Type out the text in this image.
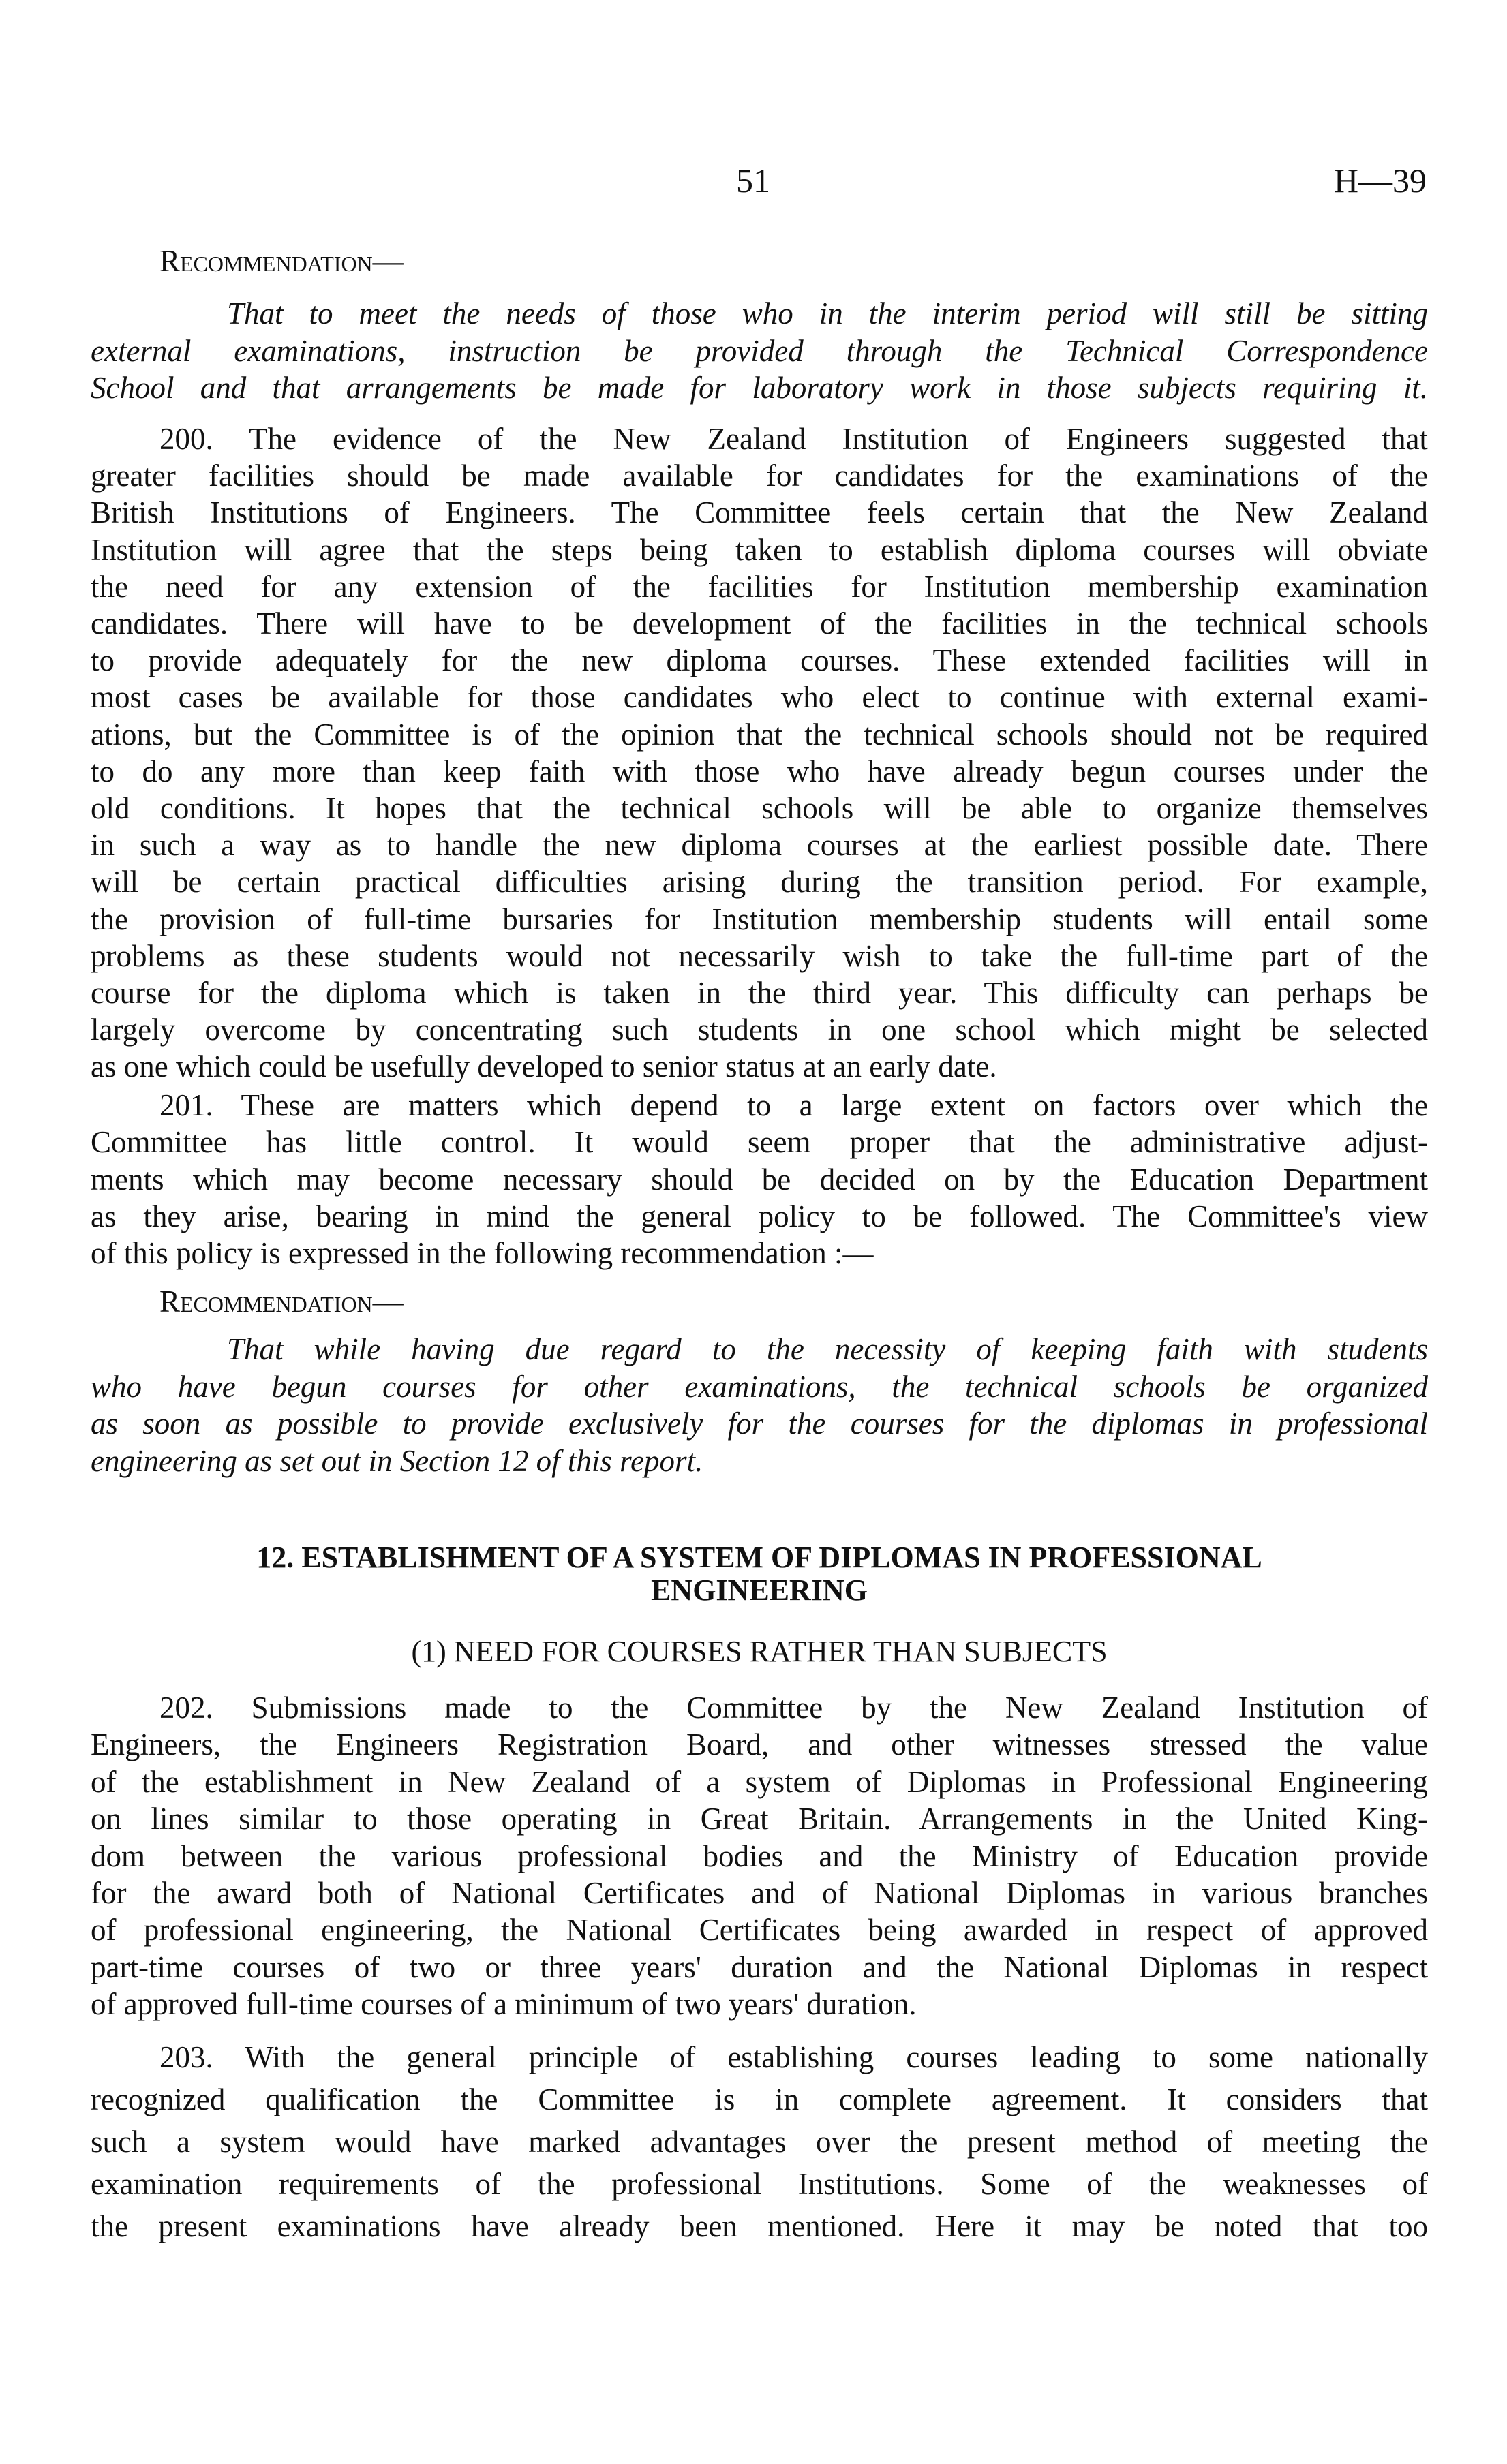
51	H—39
Recommendation—
Recommendation—
12. ESTABLISHMENT OF A SYSTEM OF DIPLOMAS IN PROFESSIONAL
ENGINEERING
(1) NEED FOR COURSES RATHER THAN SUBJECTS
That to meet the needs of those who in the interim period will still be sitting
external examinations, instruction be provided through the Technical Correspondence
School and that arrangements be made for laboratory work in those subjects requiring it.
200. The evidence of the New Zealand Institution of Engineers suggested that
greater facilities should be made available for candidates for the examinations of the
British Institutions of Engineers. The Committee feels certain that the New Zealand
Institution will agree that the steps being taken to establish diploma courses will obviate
the need for any extension of the facilities for Institution membership examination
candidates. There will have to be development of the facilities in the technical schools
to provide adequately for the new diploma courses. These extended facilities will in
most cases be available for those candidates who elect to continue with external exami-
ations, but the Committee is of the opinion that the technical schools should not be required
to do any more than keep faith with those who have already begun courses under the
old conditions. It hopes that the technical schools will be able to organize themselves
in such a way as to handle the new diploma courses at the earliest possible date. There
will be certain practical difficulties arising during the transition period. For example,
the provision of full-time bursaries for Institution membership students will entail some
problems as these students would not necessarily wish to take the full-time part of the
course for the diploma which is taken in the third year. This difficulty can perhaps be
largely overcome by concentrating such students in one school which might be selected
as one which could be usefully developed to senior status at an early date.
201. These are matters which depend to a large extent on factors over which the
Committee has little control. It would seem proper that the administrative adjust-
ments which may become necessary should be decided on by the Education Department
as they arise, bearing in mind the general policy to be followed. The Committee's view
of this policy is expressed in the following recommendation :—
That while having due regard to the necessity of keeping faith with students
who have begun courses for other examinations, the technical schools be organized
as soon as possible to provide exclusively for the courses for the diplomas in professional
engineering as set out in Section 12 of this report.
202. Submissions made to the Committee by the New Zealand Institution of
Engineers, the Engineers Registration Board, and other witnesses stressed the value
of the establishment in New Zealand of a system of Diplomas in Professional Engineering
on lines similar to those operating in Great Britain. Arrangements in the United King-
dom between the various professional bodies and the Ministry of Education provide
for the award both of National Certificates and of National Diplomas in various branches
of professional engineering, the National Certificates being awarded in respect of approved
part-time courses of two or three years' duration and the National Diplomas in respect
of approved full-time courses of a minimum of two years' duration.
203. With the general principle of establishing courses leading to some nationally
recognized qualification the Committee is in complete agreement. It considers that
such a system would have marked advantages over the present method of meeting the
examination requirements of the professional Institutions. Some of the weaknesses of
the present examinations have already been mentioned. Here it may be noted that too
